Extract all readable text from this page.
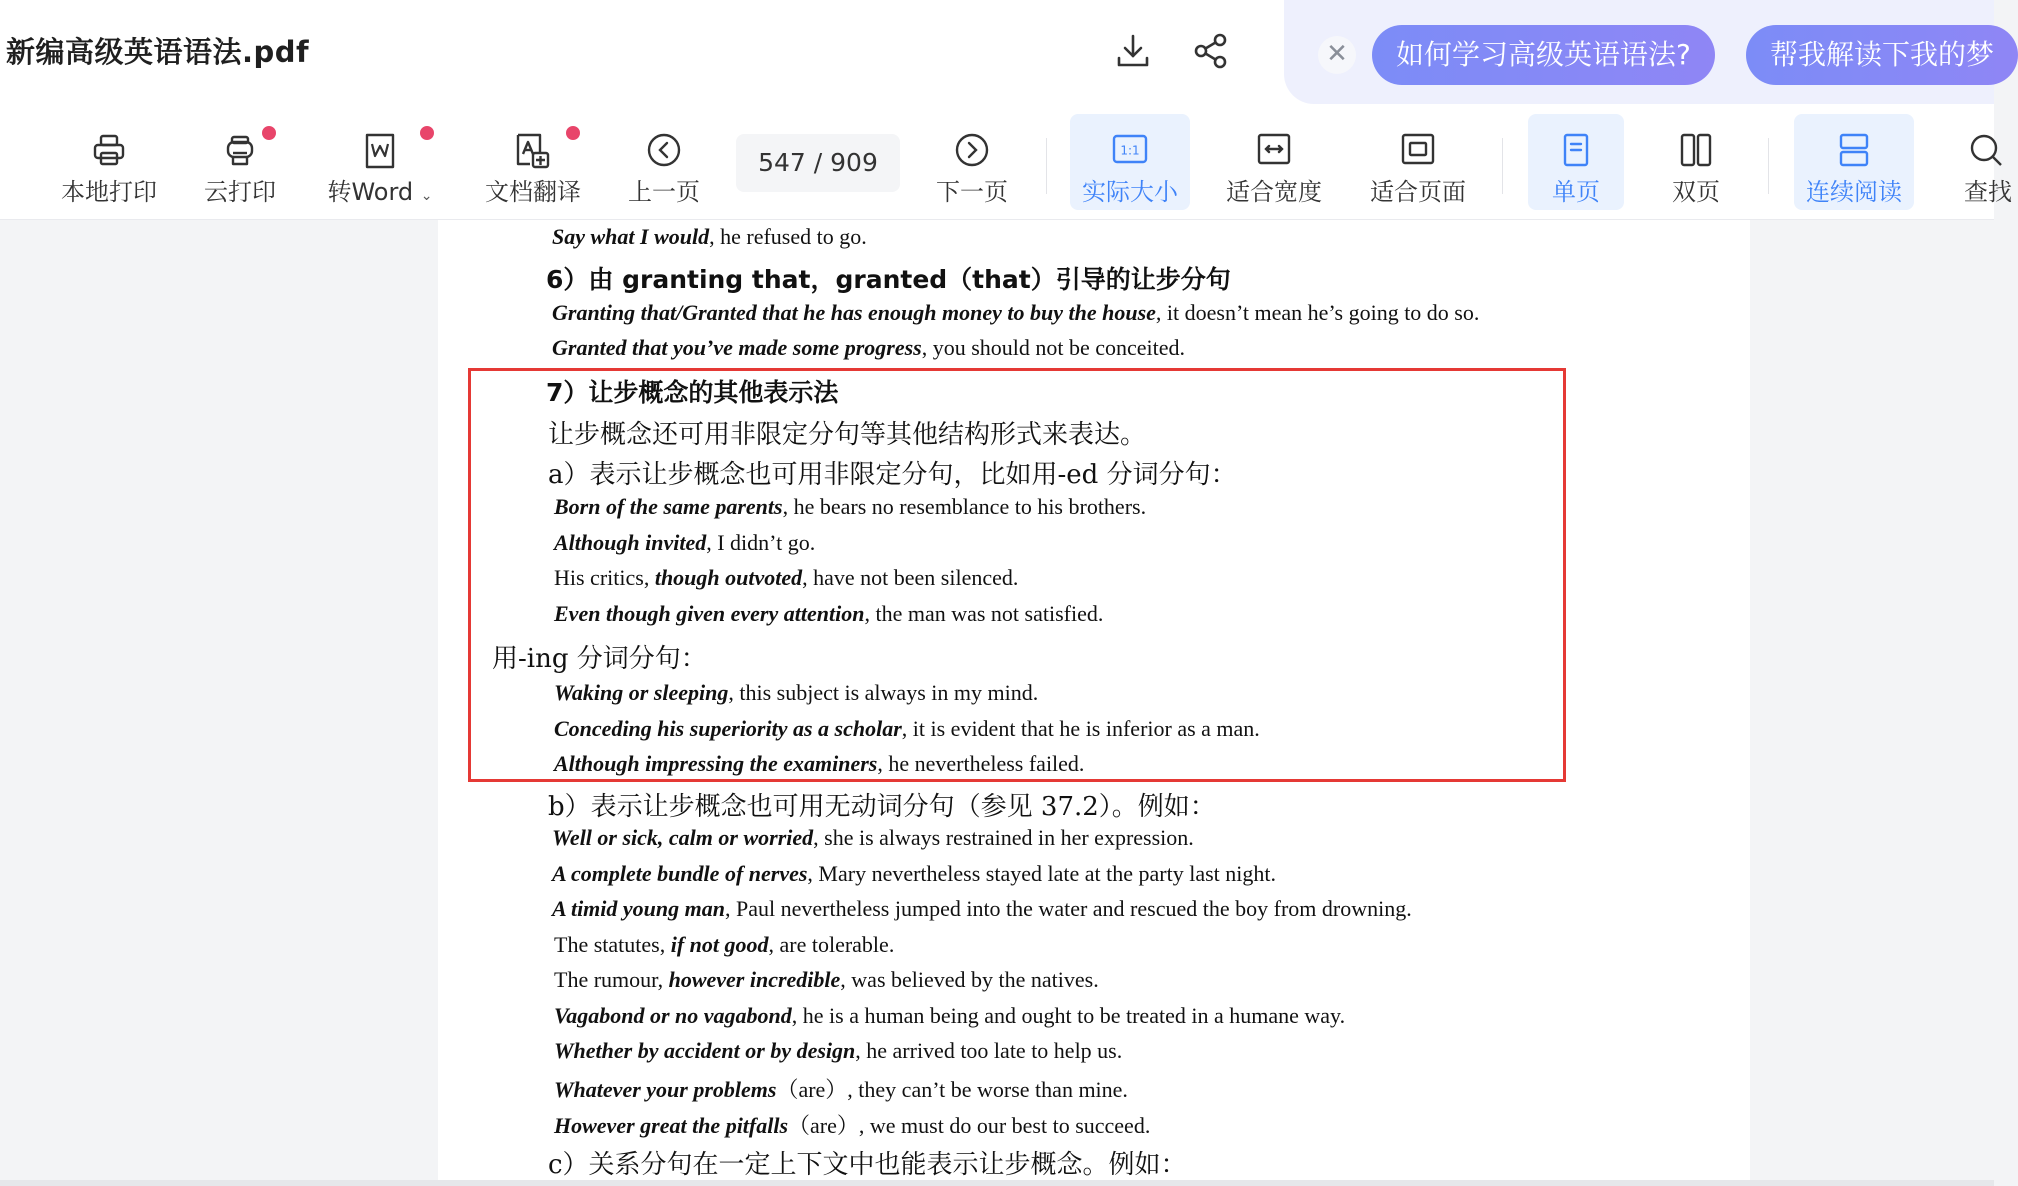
新编高级英语语法.pdf	✕	如何学习高级英语语法?	帮我解读下我的梦
本地打印	云打印	转Word ⌄	文档翻译	上一页
547 / 909
下一页
1:1
实际大小	适合宽度	适合页面	单页	双页	连续阅读	查找
Say what I would, he refused to go.
6）由 granting that，granted（that）引导的让步分句
Granting that/Granted that he has enough money to buy the house, it doesn’t mean he’s going to do so.
Granted that you’ve made some progress, you should not be conceited.
7）让步概念的其他表示法
让步概念还可用非限定分句等其他结构形式来表达。
a）表示让步概念也可用非限定分句，比如用-ed 分词分句：
Born of the same parents, he bears no resemblance to his brothers.
Although invited, I didn’t go.
His critics, though outvoted, have not been silenced.
Even though given every attention, the man was not satisfied.
用-ing 分词分句：
Waking or sleeping, this subject is always in my mind.
Conceding his superiority as a scholar, it is evident that he is inferior as a man.
Although impressing the examiners, he nevertheless failed.
b）表示让步概念也可用无动词分句（参见 37.2）。例如：
Well or sick, calm or worried, she is always restrained in her expression.
A complete bundle of nerves, Mary nevertheless stayed late at the party last night.
A timid young man, Paul nevertheless jumped into the water and rescued the boy from drowning.
The statutes, if not good, are tolerable.
The rumour, however incredible, was believed by the natives.
Vagabond or no vagabond, he is a human being and ought to be treated in a humane way.
Whether by accident or by design, he arrived too late to help us.
Whatever your problems（are）, they can’t be worse than mine.
However great the pitfalls（are）, we must do our best to succeed.
c）关系分句在一定上下文中也能表示让步概念。例如：
